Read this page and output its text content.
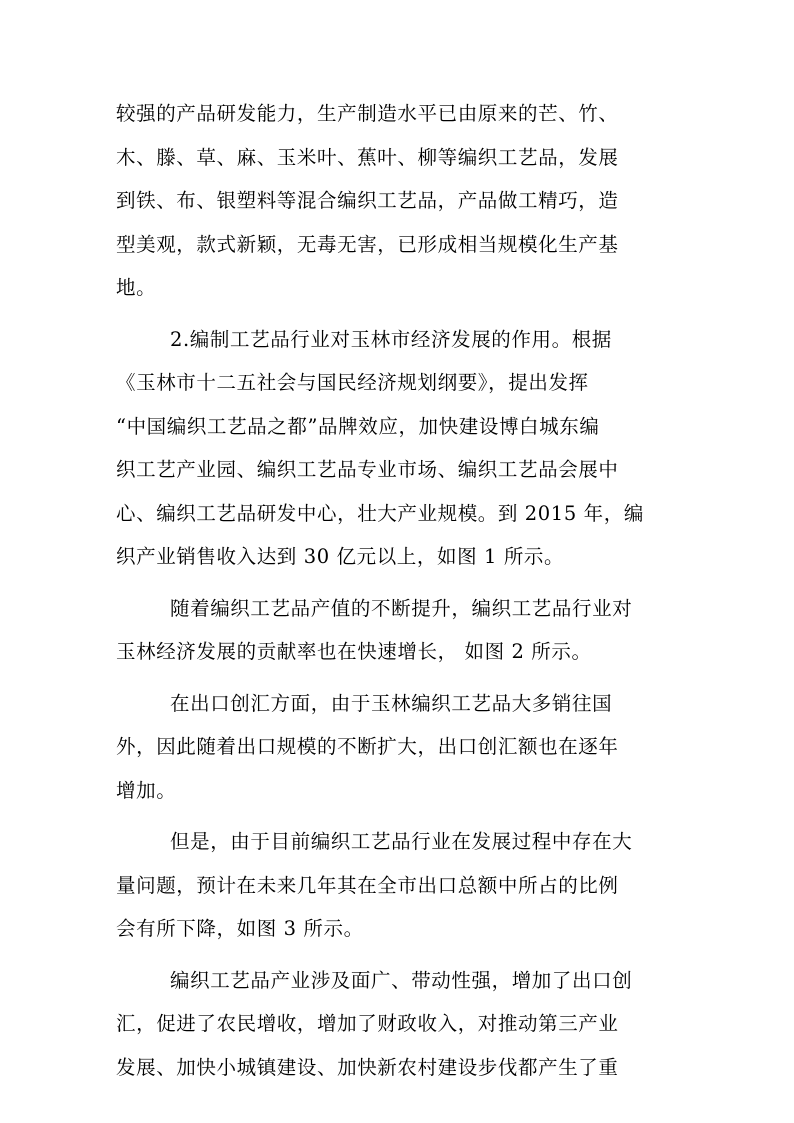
较强的产品研发能力，生产制造水平已由原来的芒、竹、
木、滕、草、麻、玉米叶、蕉叶、柳等编织工艺品，发展
到铁、布、银塑料等混合编织工艺品，产品做工精巧，造
型美观，款式新颖，无毒无害，已形成相当规模化生产基
地。
2.编制工艺品行业对玉林市经济发展的作用。根据
《玉林市十二五社会与国民经济规划纲要》，提出发挥
“中国编织工艺品之都”品牌效应，加快建设博白城东编
织工艺产业园、编织工艺品专业市场、编织工艺品会展中
心、编织工艺品研发中心，壮大产业规模。到 2015 年，编
织产业销售收入达到 30 亿元以上，如图 1 所示。
随着编织工艺品产值的不断提升，编织工艺品行业对
玉林经济发展的贡献率也在快速增长， 如图 2 所示。
在出口创汇方面，由于玉林编织工艺品大多销往国
外，因此随着出口规模的不断扩大，出口创汇额也在逐年
增加。
但是，由于目前编织工艺品行业在发展过程中存在大
量问题，预计在未来几年其在全市出口总额中所占的比例
会有所下降，如图 3 所示。
编织工艺品产业涉及面广、带动性强，增加了出口创
汇，促进了农民增收，增加了财政收入，对推动第三产业
发展、加快小城镇建设、加快新农村建设步伐都产生了重
